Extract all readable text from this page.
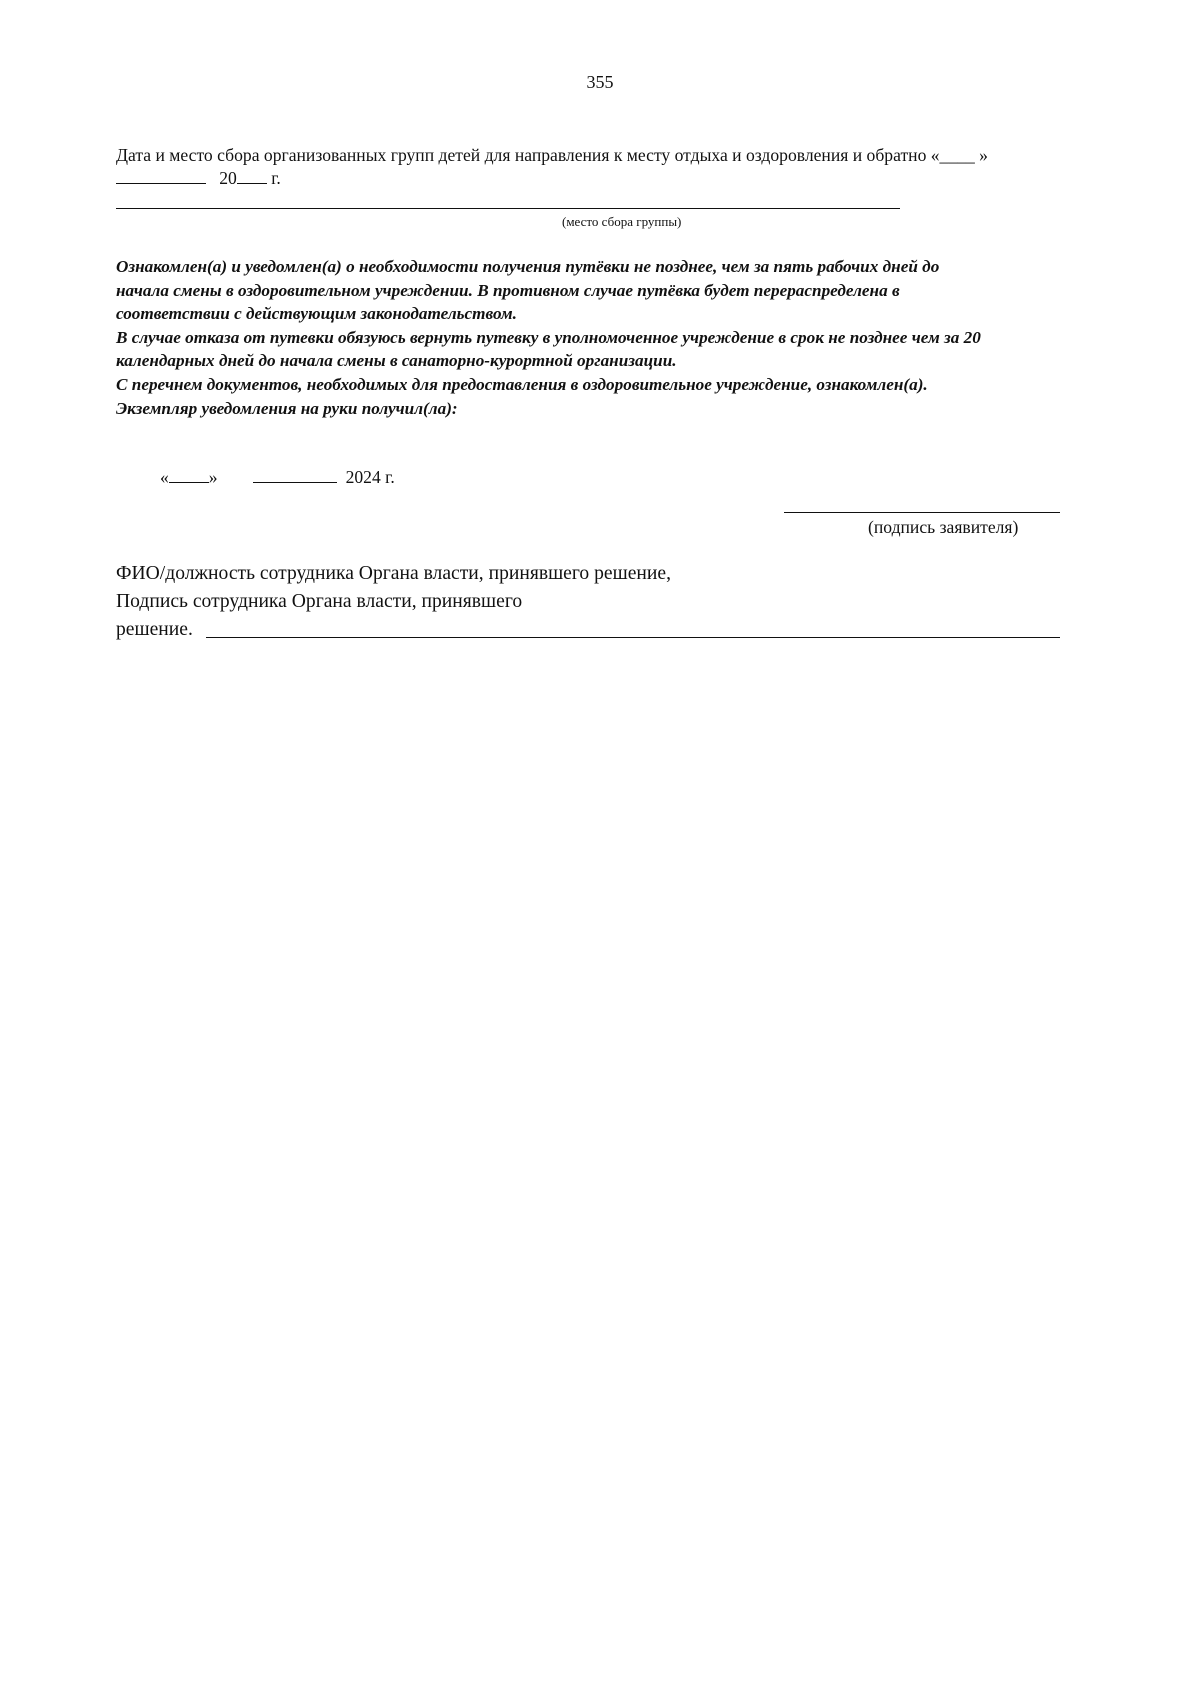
355
Дата и место сбора организованных групп детей для направления к месту отдыха и оздоровления и обратно «____ »
20 г.
(место сбора группы)

Ознакомлен(а) и уведомлен(а) о необходимости получения путёвки не позднее, чем за пять рабочих дней до

начала смены в оздоровительном учреждении. В противном случае путёвка будет перераспределена в

соответствии с действующим законодательством.

В случае отказа от путевки обязуюсь вернуть путевку в уполномоченное учреждение в срок не позднее чем за 20

календарных дней до начала смены в санаторно-курортной организации.

С перечнем документов, необходимых для предоставления в оздоровительное учреждение, ознакомлен(а).

Экземпляр уведомления на руки получил(ла):

« »	2024 г.
(подпись заявителя)
ФИО/должность сотрудника Органа власти, принявшего решение,
Подпись сотрудника Органа власти, принявшего
решение.
